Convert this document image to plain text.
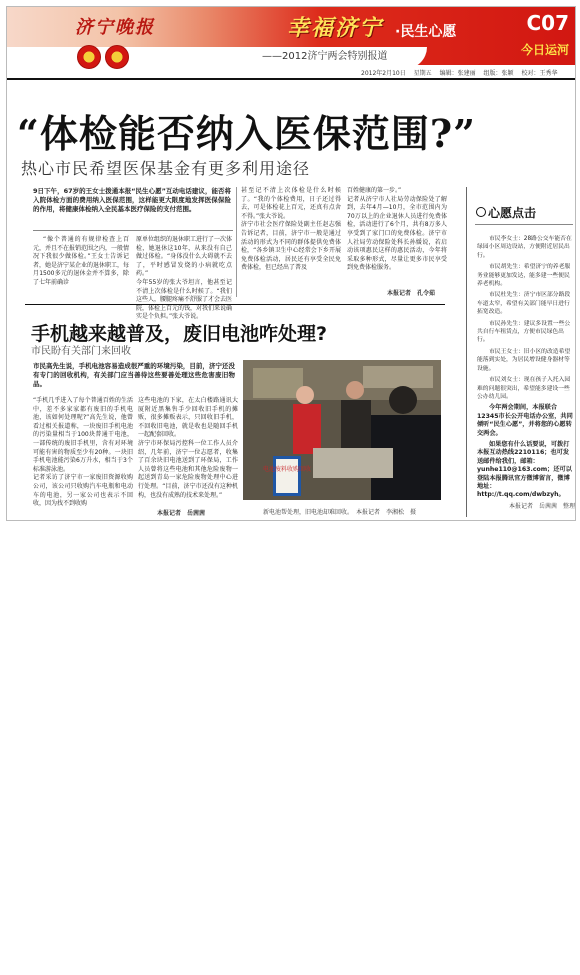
济宁晚报	幸福济宁 ·民生心愿
——2012济宁两会特别报道
C07
今日运河
2012年2月10日 星期五 编辑：张建丽 组版：张颖 校对：王秀华
“体检能否纳入医保范围?”
热心市民希望医保基金有更多利用途径
9日下午，67岁的王女士拨通本报“民生心愿”互动电话建议，能否将入院体检方面的费用纳入医保范围，这样能更大限度地发挥医保保险的作用，将健康体检纳入全民基本医疗保险的支付范围。
“像个普通的有规律检查上百元，并且不在报销范围之内，一般情况下我很少做体检。”王女士告诉记者，她是济宁某企业的退休职工，每月1500多元的退休金并不算多，除了七年前确诊
原单位组织的退休职工进行了一次体检，她退休这10年，从来没有自己做过体检。“身体没什么大碍就不去了，平时感冒发烧的小病就吃点药。”
今年55岁的张大爷坦言，他甚至记不清上次体检是什么时候了。“我们这些人，腰腿疼痛不舒服了才会去医院，体检上百元的钱，对我们来说确实是个负担。”张大爷说。
甚至记不清上次体检是什么时候了。“我的个体检费用，日子还过得去，可是体检花上百元，还真有点舍不得。”张大爷说。
济宁市社会医疗保险处副主任赵志强告诉记者，目前，济宁市一般是通过活动的形式为不同的群体提供免费体检，“各乡镇卫生中心经常会下乡开展免费体检活动，居民还有享受全民免费体检，但已经出了普及
百姓健康的第一步。”
记者从济宁市人社局劳动保险处了解到，去年4月—10月，全市范围内为70万以上的企业退休人员进行免费体检，活动进行了6个月，共有8万多人享受到了家门口的免费体检。济宁市人社局劳动保险处科长孙媛说，若启动该项惠民这样的惠民活动，今年将采取多种形式，尽量让更多市民享受到免费体检服务。
本报记者　孔令茹
手机越来越普及，废旧电池咋处理?
市民盼有关部门来回收
市民高先生说，手机电池容易造成很严重的环境污染，目前，济宁还没有专门的回收机构，有关部门应当善待这些要善处理这些危害废旧物品。
“手机几乎进入了每个普通百姓的生活中，差不多家家都有废旧的手机电池，该如何处理呢?”高先生说，他曾看过相关报道称，一块废旧手机电池的污染量相当于100块普通干电池，一部传统的废旧手机里，含有对环境可能有害的物质至少有20种。一块旧手机电池能污染6万升水，相当于3个标准游泳池。
记者采访了济宁市一家废旧资源收购公司，该公司只收购汽车电瓶和电动车的电池，另一家公司也表示不回收，因为找不到收购
这些电池的下家，在太白楼路通讯大厦附近黑集售手少回收旧手机的摊贩，很多摊贩表示，只回收旧手机，不回收旧电池，就是收也是随回手机一起配套回收。
济宁市环保局污控科一位工作人员介绍，几年前，济宁一位志愿者，收集了百余块旧电池送到了环保局，工作人员曾将这些电池和其他危险废物一起送到青岛一家危险废物处理中心进行处理。“目前，济宁市还没有这种机构，也没有成熟的技术来处理。”
本报记者　岳茜茜
电池废料收购回收
新电池帮处理，旧电池却难回收。　本报记者　李湘松　摄
心愿点击

市民李女士：28路公交车能否在绿园小区周边设站，方便附近居民出行。

市民胡先生：希望济宁的养老服务业能够更加发达，能多建一些便民养老机构。

市民杜先生：济宁市区部分路段车道太窄，希望有关部门能早日进行拓宽改造。

市民孙先生：建议多设置一些公共自行车租赁点，方便市民绿色出行。

市民王女士：旧小区的改造希望能落到实处，为居民增设健身器材等设施。

市民刘女士：现在孩子入托入园难的问题很突出，希望能多建设一些公办幼儿园。

今年两会期间，本报联合12345市长公开电话办公室，共同倾听“民生心愿”，并将您的心愿转交两会。

如果您有什么话要说，可拨打本报互动热线2210116；也可发送邮件给我们，邮箱：yunhe110@163.com；还可以登陆本报腾讯官方微博留言，微博地址：http://t.qq.com/dwbzyh。

本报记者　岳茜茜　整理
